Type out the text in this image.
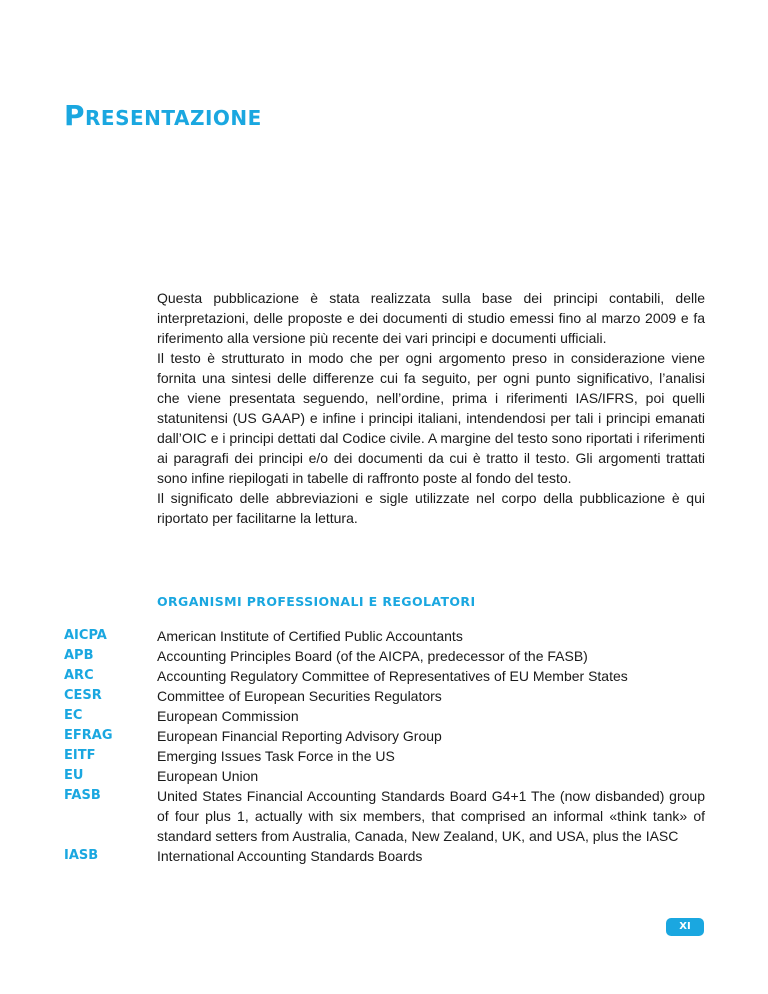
Presentazione

Questa pubblicazione è stata realizzata sulla base dei principi contabili, delle interpretazioni, delle proposte e dei documenti di studio emessi fino al marzo 2009 e fa riferimento alla versione più recente dei vari principi e documenti ufficiali.

Il testo è strutturato in modo che per ogni argomento preso in considerazione viene fornita una sintesi delle differenze cui fa seguito, per ogni punto significativo, l’analisi che viene presentata seguendo, nell’ordine, prima i riferimenti IAS/IFRS, poi quelli statunitensi (US GAAP) e infine i principi italiani, intendendosi per tali i principi emanati dall’OIC e i principi dettati dal Codice civile. A margine del testo sono riportati i riferimenti ai paragrafi dei principi e/o dei documenti da cui è tratto il testo. Gli argomenti trattati sono infine riepilogati in tabelle di raffronto poste al fondo del testo.

Il significato delle abbreviazioni e sigle utilizzate nel corpo della pubblicazione è qui riportato per facilitarne la lettura.

ORGANISMI PROFESSIONALI E REGOLATORI
AICPA	American Institute of Certified Public Accountants
APB	Accounting Principles Board (of the AICPA, predecessor of the FASB)
ARC	Accounting Regulatory Committee of Representatives of EU Member States
CESR	Committee of European Securities Regulators
EC	European Commission
EFRAG	European Financial Reporting Advisory Group
EITF	Emerging Issues Task Force in the US
EU	European Union
FASB	United States Financial Accounting Standards Board G4+1 The (now disbanded) group of four plus 1, actually with six members, that comprised an informal «think tank» of standard setters from Australia, Canada, New Zealand, UK, and USA, plus the IASC
IASB	International Accounting Standards Boards
XI
